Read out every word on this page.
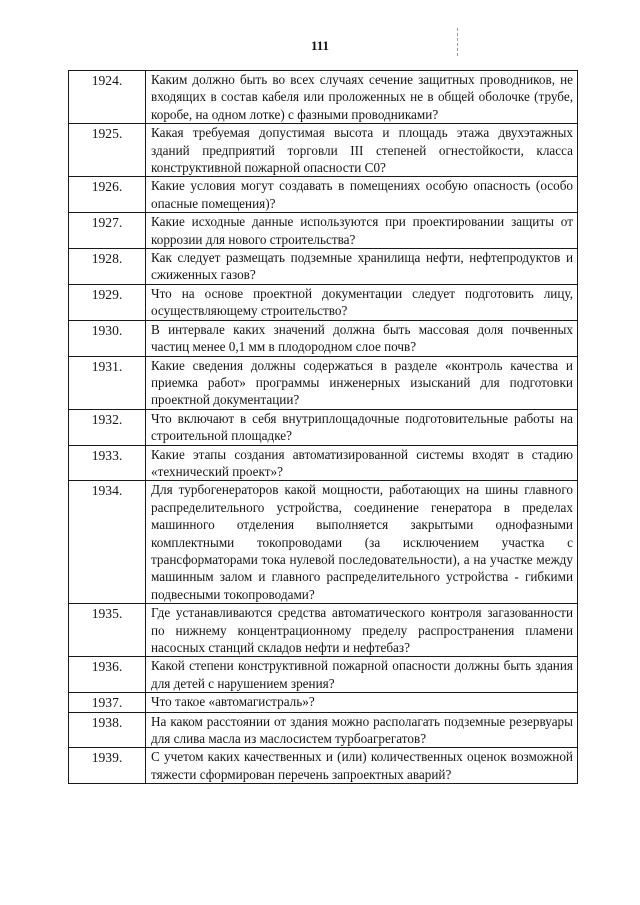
111
1924.	Каким должно быть во всех случаях сечение защитных проводников, не входящих в состав кабеля или проложенных не в общей оболочке (трубе, коробе, на одном лотке) с фазными проводниками?
1925.	Какая требуемая допустимая высота и площадь этажа двухэтажных зданий предприятий торговли III степеней огнестойкости, класса конструктивной пожарной опасности С0?
1926.	Какие условия могут создавать в помещениях особую опасность (особо опасные помещения)?
1927.	Какие исходные данные используются при проектировании защиты от коррозии для нового строительства?
1928.	Как следует размещать подземные хранилища нефти, нефтепродуктов и сжиженных газов?
1929.	Что на основе проектной документации следует подготовить лицу, осуществляющему строительство?
1930.	В интервале каких значений должна быть массовая доля почвенных частиц менее 0,1 мм в плодородном слое почв?
1931.	Какие сведения должны содержаться в разделе «контроль качества и приемка работ» программы инженерных изысканий для подготовки проектной документации?
1932.	Что включают в себя внутриплощадочные подготовительные работы на строительной площадке?
1933.	Какие этапы создания автоматизированной системы входят в стадию «технический проект»?
1934.	Для турбогенераторов какой мощности, работающих на шины главного распределительного устройства, соединение генератора в пределах машинного отделения выполняется закрытыми однофазными комплектными токопроводами (за исключением участка с трансформаторами тока нулевой последовательности), а на участке между машинным залом и главного распределительного устройства - гибкими подвесными токопроводами?
1935.	Где устанавливаются средства автоматического контроля загазованности по нижнему концентрационному пределу распространения пламени насосных станций складов нефти и нефтебаз?
1936.	Какой степени конструктивной пожарной опасности должны быть здания для детей с нарушением зрения?
1937.	Что такое «автомагистраль»?
1938.	На каком расстоянии от здания можно располагать подземные резервуары для слива масла из маслосистем турбоагрегатов?
1939.	С учетом каких качественных и (или) количественных оценок возможной тяжести сформирован перечень запроектных аварий?
